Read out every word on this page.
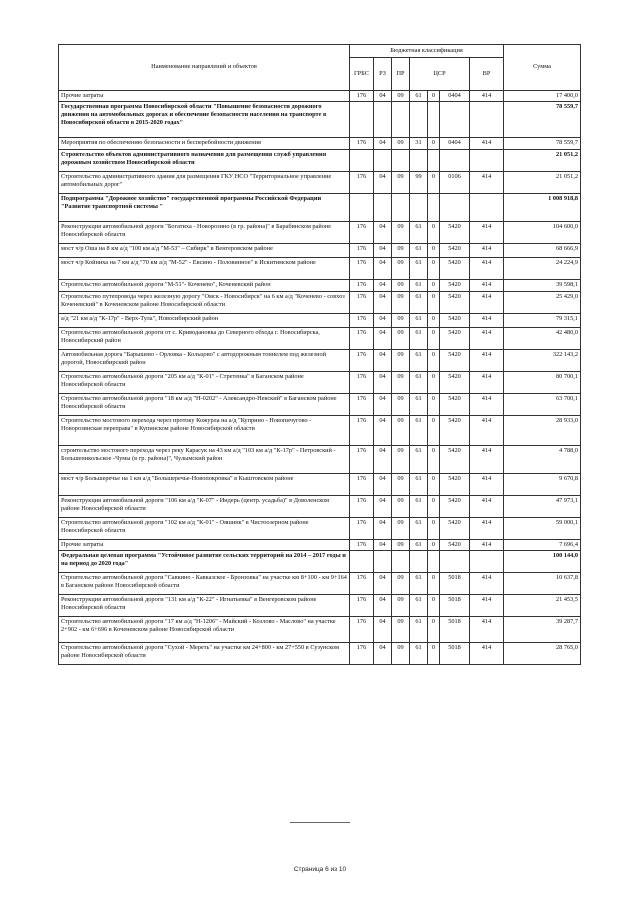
Наименование направлений и объектов	Бюджетная классификация							Сумма
	ГРБС	РЗ	ПР	ЦСР			ВР	
Прочие затраты	176	04	09	61	0	0404	414	17 400,0
Государственная программа Новосибирской области "Повышение безопасности дорожного движения на автомобильных дорогах и обеспечение безопасности населения на транспорте в Новосибирской области в 2015-2020 годах"								78 559,7
Мероприятия по обеспечению безопасности и бесперебойности движения	176	04	09	31	0	0404	414	78 559,7
Строительство объектов административного назначения для размещения служб управления дорожным хозяйством Новосибирской области								21 051,2
Строительство административного здания для размещения ГКУ НСО "Территориальное управление автомобильных дорог"	176	04	09	99	0	0106	414	21 051,2
Подпрограмма "Дорожное хозяйство" государственной программы Российской Федерации "Развитие транспортной системы "								1 008 918,8
Реконструкция автомобильной дороги "Богатиха - Новорозино (в гр. района)" в Барабинском районе Новосибирской области	176	04	09	61	0	5420	414	104 600,0
мост ч/р Оша на 8 км а/д "100 км а/д "М-53" – Сибирк" в Венгеровском районе	176	04	09	61	0	5420	414	68 666,9
мост ч/р Койниха на 7 км а/д "70 км а/д "М-52" - Евсино - Половинное" в Искитимском районе	176	04	09	61	0	5420	414	24 224,9
Строительство автомобильной дороги "М-51"- Коченево", Коченевский район	176	04	09	61	0	5420	414	39 598,1
Строительство путепровода через железную дорогу "Омск - Новосибирск" на 6 км а/д "Коченево - совхоз Коченевский" в Коченевском районе Новосибирской области	176	04	09	61	0	5420	414	25 429,0
а/д "21 км а/д "К-17р" - Верх-Тула", Новосибирский район	176	04	09	61	0	5420	414	79 315,1
Строительство автомобильной дороги от с. Криводановка до Северного обхода г. Новосибирска, Новосибирский район	176	04	09	61	0	5420	414	42 480,0
Автомобильная дорога "Барышево - Орловка - Кольцово" с автодорожным тоннелем под железной дорогой, Новосибирский район	176	04	09	61	0	5420	414	322 143,2
Строительство автомобильной дороги "205 км а/д "К-01" - Стретенка" в Баганском районе Новосибирской области	176	04	09	61	0	5420	414	80 700,1
Строительство автомобильной дороги "18 км а/д "Н-0202" - Александро-Невский" в Баганском районе Новосибирской области	176	04	09	61	0	5420	414	63 700,1
Строительство мостового перехода через протоку Кожурла на а/д "Куприно - Новопичугово - Новорозинская переправа" в Купинском районе Новосибирской области	176	04	09	61	0	5420	414	28 933,0
строительство мостового перехода через реку Карасук на 43 км а/д "103 км а/д "К-17р" - Петровский - Большеникольское -Чумы (в гр. района)", Чулымский район	176	04	09	61	0	5420	414	4 788,0
мост ч/р Большеречье на 1 км а/д "Большеречье-Новопокровка" в Кыштовском районе	176	04	09	61	0	5420	414	9 670,8
Реконструкция автомобильной дороги "106 км а/д "К-07" - Индерь (центр. усадьба)" в Доволенском районе Новосибирской области	176	04	09	61	0	5420	414	47 973,1
Строительство автомобильной дороги "102 км а/д "К-01" - Ояшинк" в Чистоозерном районе Новосибирской области	176	04	09	61	0	5420	414	59 000,1
Прочие затраты	176	04	09	61	0	5420	414	7 696,4
Федеральная целевая программа "Устойчивое развитие сельских территорий на 2014 – 2017 годы и на период до 2020 года"								100 144,0
Строительство автомобильной дороги "Савкино - Кавказское - Бронзовка" на участке км 8+100 - км 9+164 в Баганском районе Новосибирской области	176	04	09	61	0	5018	414	10 637,8
Реконструкция автомобильной дороги "131 км а/д "К-22" - Игнатьевка" в Венгеровском районе Новосибирской области	176	04	09	61	0	5018	414	21 453,5
Строительство автомобильной дороги "17 км а/д "Н-1206" - Майский - Козлово - Маслово" на участке 2+902 - км 6+696 в Коченевском районе Новосибирской области	176	04	09	61	0	5018	414	39 287,7
Строительство автомобильной дороги "Сухой - Мереть" на участке км 24+800 - км 27+550 в Сузунском районе Новосибирской области	176	04	09	61	0	5018	414	28 765,0
Страница 6 из 10
